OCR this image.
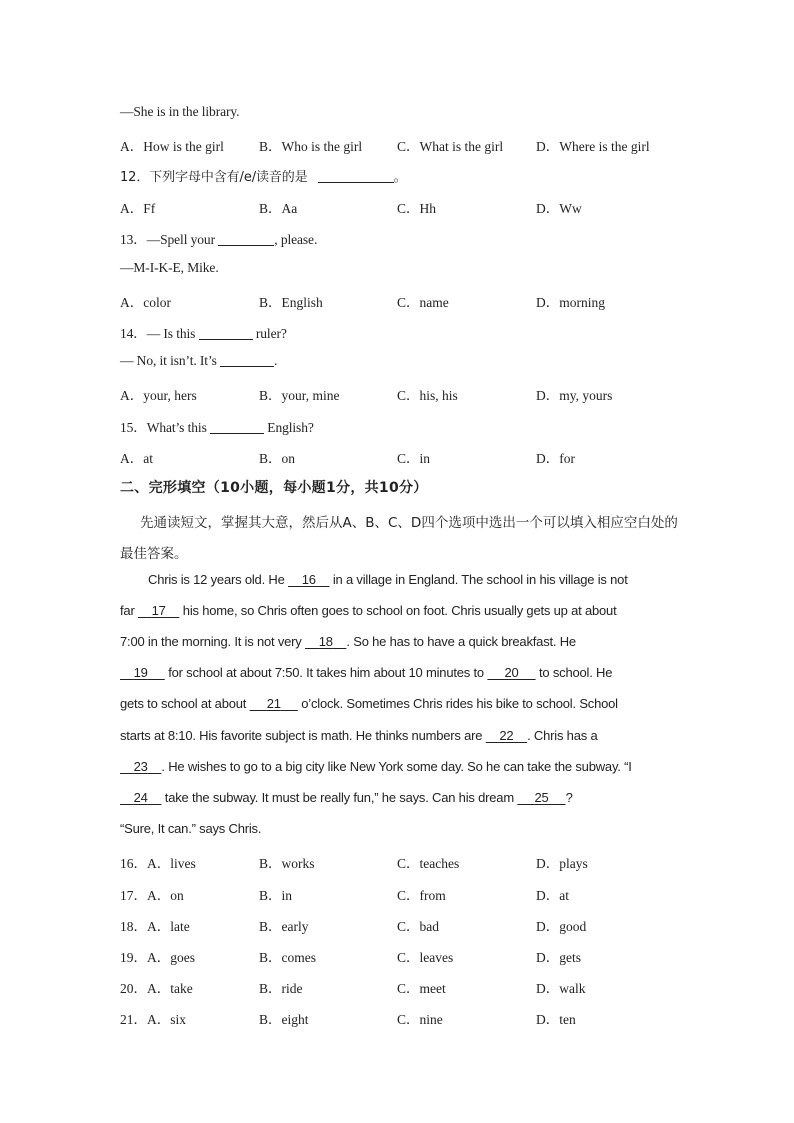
—She is in the library.
A．How is the girl	B．Who is the girl	C．What is the girl D．Where is the girl
12．下列字母中含有/e/读音的是	。
A．Ff	B．Aa	C．Hh	D．Ww
13．—Spell your	, please.
—M-I-K-E, Mike.
A．color	B．English	C．name	D．morning
14．— Is this	ruler?
— No, it isn’t. It’s	.
A．your, hers	B．your, mine	C．his, his	D．my, yours
15．What’s this	English?
A．at	B．on	C．in	D．for
二、完形填空（10小题，每小题1分，共10分）
先通读短文，掌握其大意，然后从A、B、C、D四个选项中选出一个可以填入相应空白处的最佳答案。
Chris is 12 years old. He 16 in a village in England. The school in his village is not
far 17 his home, so Chris often goes to school on foot. Chris usually gets up at about
7:00 in the morning. It is not very 18 . So he has to have a quick breakfast. He
19 for school at about 7:50. It takes him about 10 minutes to 20 to school. He
gets to school at about 21 o’clock. Sometimes Chris rides his bike to school. School
starts at 8:10. His favorite subject is math. He thinks numbers are 22 . Chris has a
23 . He wishes to go to a big city like New York some day. So he can take the subway. “I
24 take the subway. It must be really fun,” he says. Can his dream 25 ?
“Sure, It can.” says Chris.
16．A．lives	B．works	C．teaches	D．plays
17．A．on	B．in	C．from	D．at
18．A．late	B．early	C．bad	D．good
19．A．goes	B．comes	C．leaves	D．gets
20．A．take	B．ride	C．meet	D．walk
21．A．six	B．eight	C．nine	D．ten
